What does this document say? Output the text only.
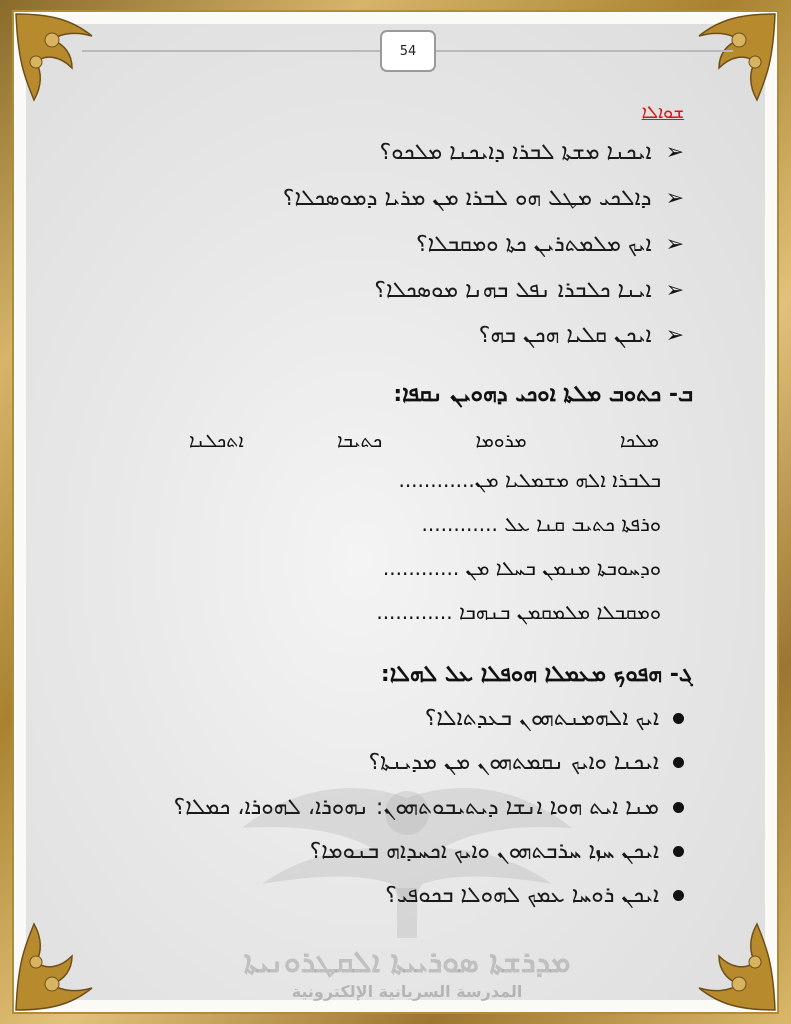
54
ܫܘܐܠܐ
➢
ܐܝܟܢܐ ܡܫܬܐ ܠܒܪܐ ܕܐܝܟܢܐ ܡܠܟܘ؟
➢
ܕܐܠܟܝ ܡܛܠ ܗܘ ܠܒܪܐ ܡܢ ܡܪܝܐ ܕܡܘܣܟܠܐ؟
➢
ܐܝܟ ܡܠܡܬܪܝܢ ܟܬܐ ܘܡܩܒܠܐ؟
➢
ܐܝܢܐ ܟܠܒܪܐ ܢܦܠ ܒܗܢܐ ܡܘܣܟܠܐ؟
➢
ܐܝܟܢ ܩܠܝܐ ܗܟܢ ܒܗ؟
ܒ- ܟܬܘܒ ܡܠܬܐ ܐܘܟܝ ܕܗܘܝܢ ܢܩܦܐ:
ܡܠܟܐ
ܡܪܘܡܐ
ܟܬܝܒܐ
ܐܬܟܠܢܐ
ܒܠܒܪܐ ܐܠܗ ܡܫܡܠܝܐ ܡܢ............
ܘܪܦܬܐ ܟܬܝܒ ܩܢܐ ܥܠ ............
ܘܕܚܘܒܬܐ ܡܢܡܢ ܒܚܠܐ ܡܢ ............
ܘܡܩܒܠܐ ܡܠܡܩܡܢ ܒܢܗܒܐ ............
ܓ- ܗܦܘܟ ܡܥܡܠܐ ܗܘܦܠܐ ܥܠ ܠܗܠܐ:
ܐܝܟ ܐܠܗܡܢܬܗܘܢ ܒܥܕܬܐܠܐ؟
ܐܝܟܢܐ ܘܐܝܟ ܢܩܡܬܗܘܢ ܡܢ ܡܕܝܢܬܐ؟
ܡܢܐ ܐܝܬ ܗܘܐ ܐܢܫܐ ܕܝܬܝܒܘܬܗܘܢ: ܢܗܘܪܐ، ܠܗܘܪܐ، ܟܡܠܐ؟
ܐܝܟܢ ܚܙܐ ܚܪܒܬܗܘܢ ܘܐܝܟ ܐܟܚܕܐܗ ܒܢܘܡܐ؟
ܐܝܟܢ ܪܘܚܐ ܥܡܟ ܠܗܘܠܐ ܒܟܘܦܝ؟
ܡܕܪܫܬܐ ܣܘܪܝܝܬܐ ܐܠܩܛܪܘܢܝܬܐ
المدرسة السريانية الإلكترونية
